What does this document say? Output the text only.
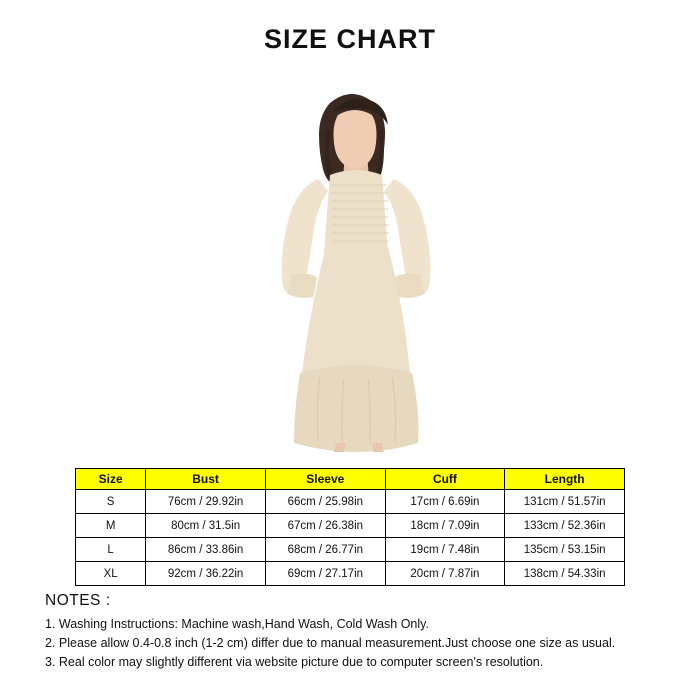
SIZE CHART
Size	Bust	Sleeve	Cuff	Length
S	76cm / 29.92in	66cm / 25.98in	17cm / 6.69in	131cm / 51.57in
M	80cm / 31.5in	67cm / 26.38in	18cm / 7.09in	133cm / 52.36in
L	86cm / 33.86in	68cm / 26.77in	19cm / 7.48in	135cm / 53.15in
XL	92cm / 36.22in	69cm / 27.17in	20cm / 7.87in	138cm / 54.33in
NOTES :
1. Washing Instructions: Machine wash,Hand Wash, Cold Wash Only.
2. Please allow 0.4-0.8 inch (1-2 cm) differ due to manual measurement.Just choose one size as usual.
3. Real color may slightly different via website picture due to computer screen's resolution.
